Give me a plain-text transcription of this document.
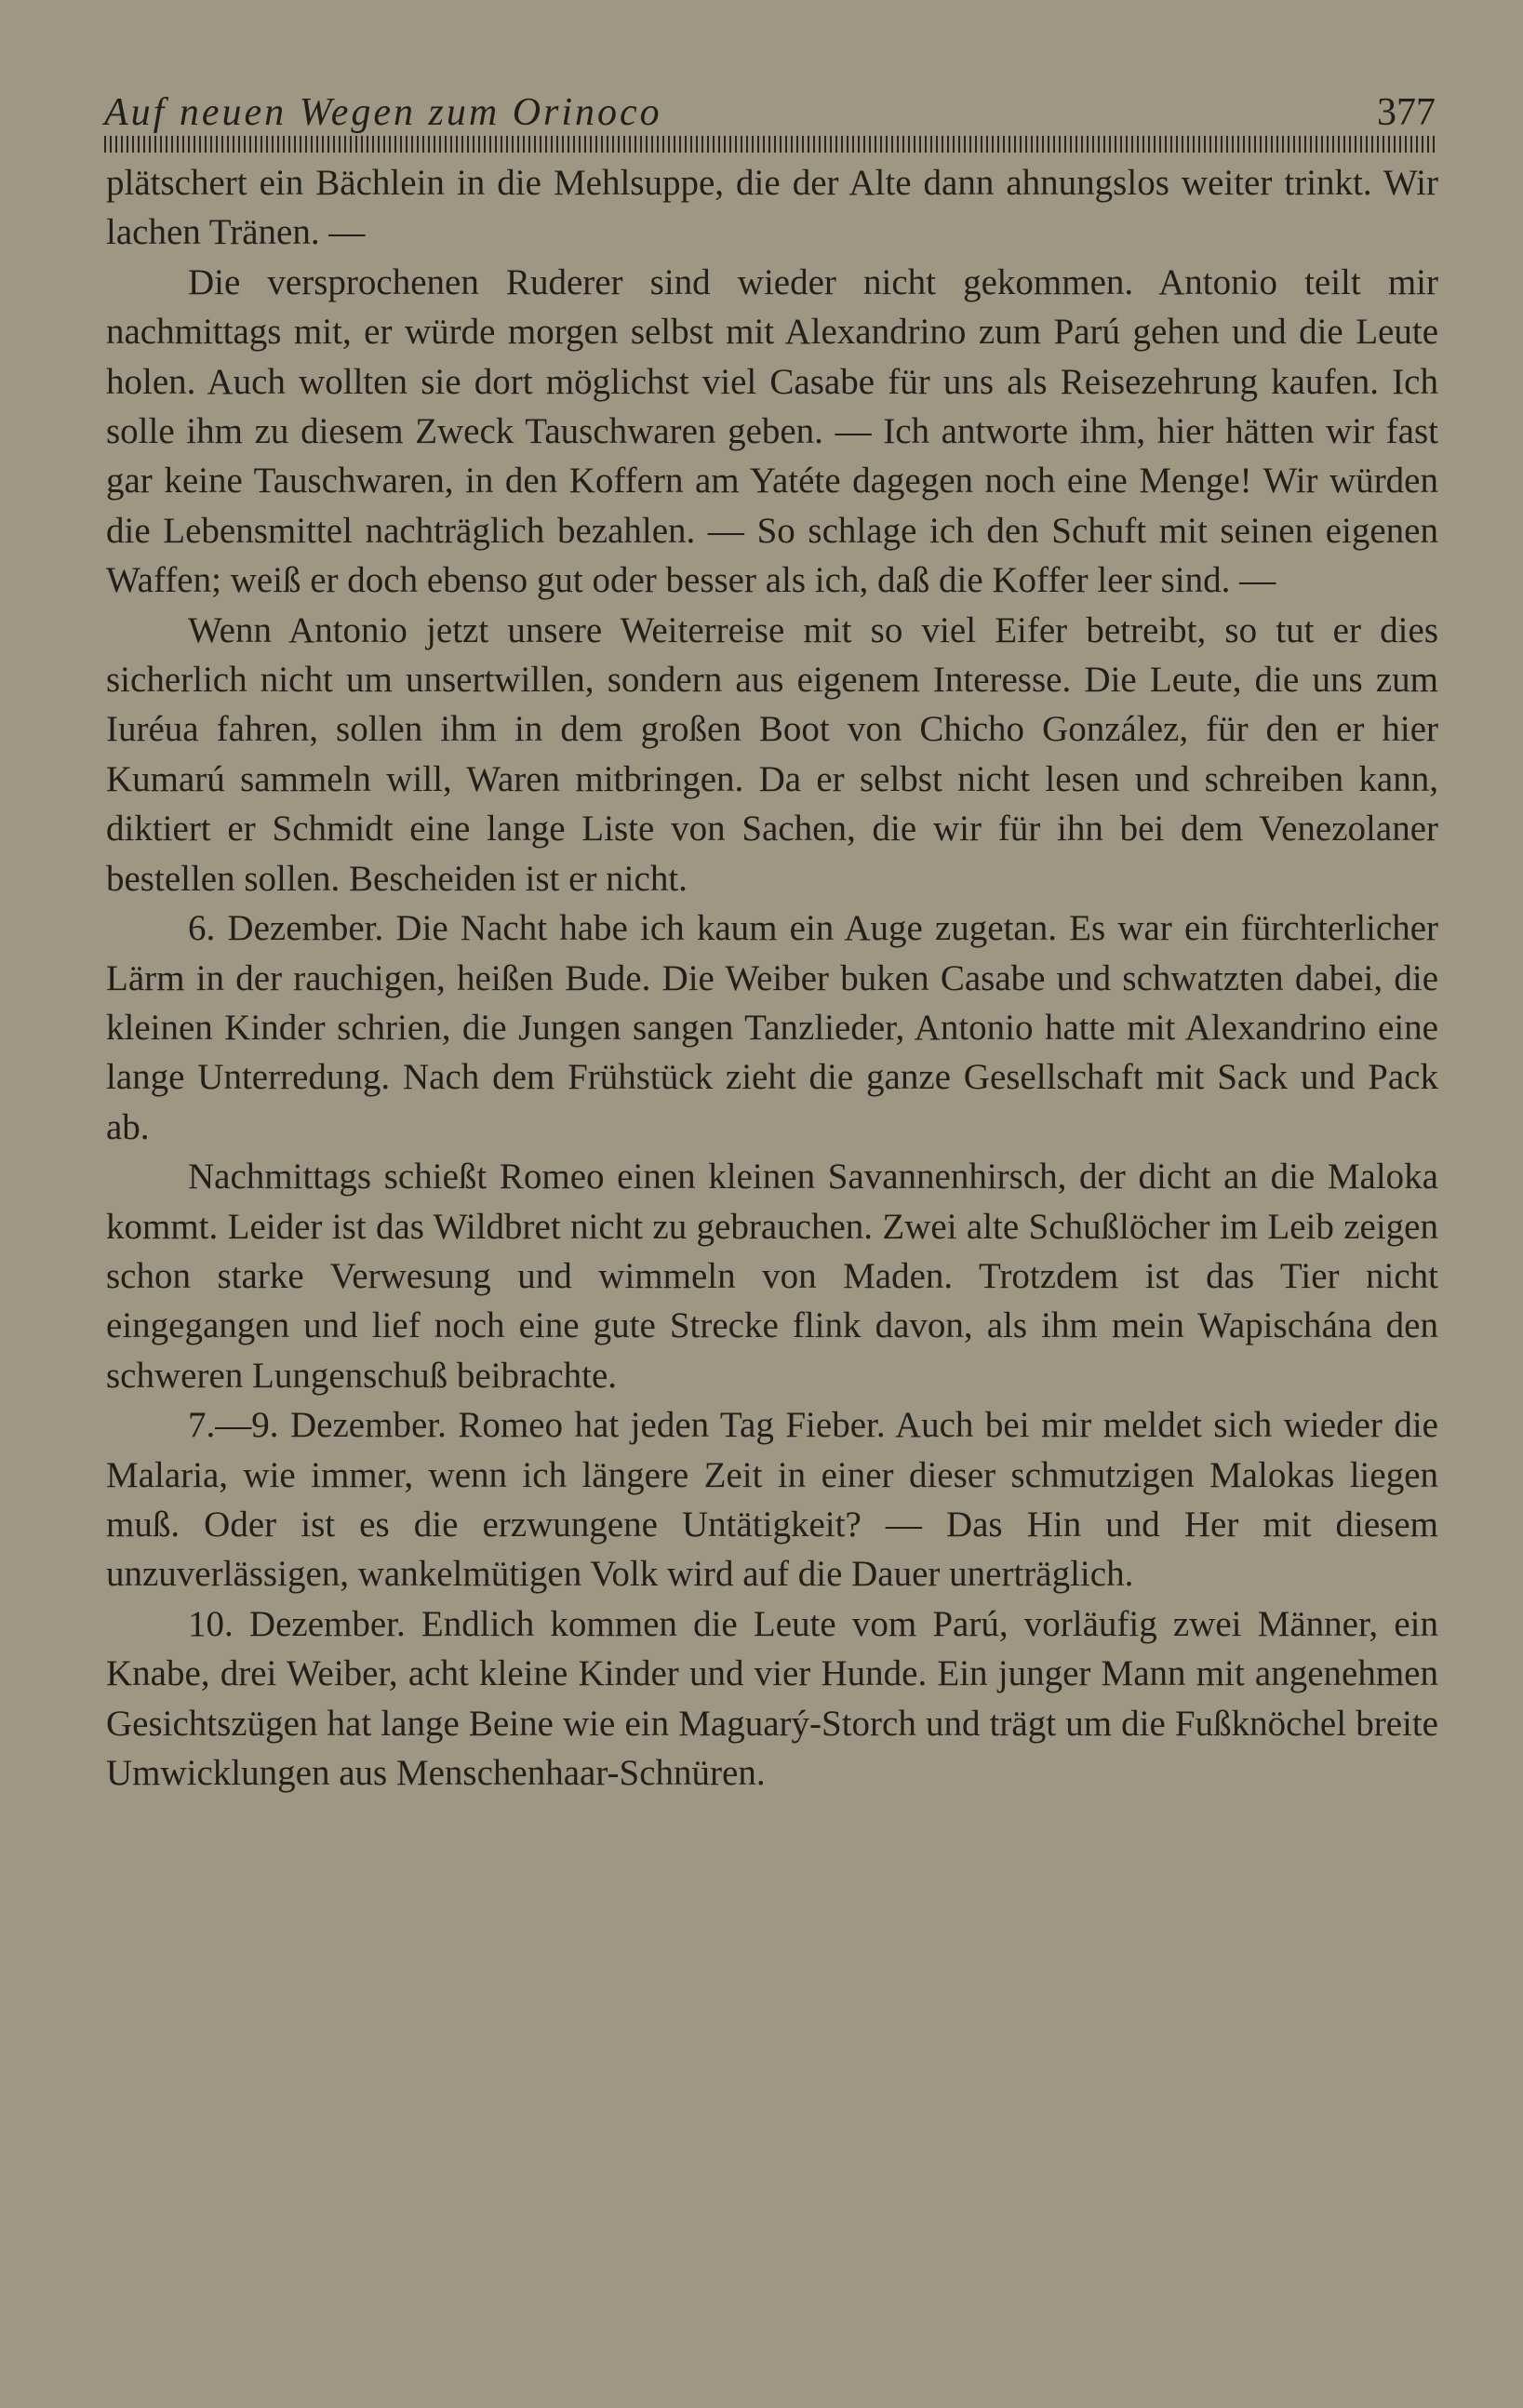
Auf neuen Wegen zum Orinoco	377

plätschert ein Bächlein in die Mehlsuppe, die der Alte dann ahnungslos weiter trinkt. Wir lachen Tränen. —

Die versprochenen Ruderer sind wieder nicht gekommen. Antonio teilt mir nachmittags mit, er würde morgen selbst mit Alexandrino zum Parú gehen und die Leute holen. Auch wollten sie dort möglichst viel Casabe für uns als Reisezehrung kaufen. Ich solle ihm zu diesem Zweck Tauschwaren geben. — Ich antworte ihm, hier hätten wir fast gar keine Tauschwaren, in den Koffern am Yatéte dagegen noch eine Menge! Wir würden die Lebensmittel nachträglich bezahlen. — So schlage ich den Schuft mit seinen eigenen Waffen; weiß er doch ebenso gut oder besser als ich, daß die Koffer leer sind. —

Wenn Antonio jetzt unsere Weiterreise mit so viel Eifer betreibt, so tut er dies sicherlich nicht um unsertwillen, sondern aus eigenem Interesse. Die Leute, die uns zum Iuréua fahren, sollen ihm in dem großen Boot von Chicho González, für den er hier Kumarú sammeln will, Waren mitbringen. Da er selbst nicht lesen und schreiben kann, diktiert er Schmidt eine lange Liste von Sachen, die wir für ihn bei dem Venezolaner bestellen sollen. Bescheiden ist er nicht.

6. Dezember. Die Nacht habe ich kaum ein Auge zugetan. Es war ein fürchterlicher Lärm in der rauchigen, heißen Bude. Die Weiber buken Casabe und schwatzten dabei, die kleinen Kinder schrien, die Jungen sangen Tanzlieder, Antonio hatte mit Alexandrino eine lange Unterredung. Nach dem Frühstück zieht die ganze Gesellschaft mit Sack und Pack ab.

Nachmittags schießt Romeo einen kleinen Savannenhirsch, der dicht an die Maloka kommt. Leider ist das Wildbret nicht zu gebrauchen. Zwei alte Schußlöcher im Leib zeigen schon starke Verwesung und wimmeln von Maden. Trotzdem ist das Tier nicht eingegangen und lief noch eine gute Strecke flink davon, als ihm mein Wapischána den schweren Lungenschuß beibrachte.

7.—9. Dezember. Romeo hat jeden Tag Fieber. Auch bei mir meldet sich wieder die Malaria, wie immer, wenn ich längere Zeit in einer dieser schmutzigen Malokas liegen muß. Oder ist es die erzwungene Untätigkeit? — Das Hin und Her mit diesem unzuverlässigen, wankelmütigen Volk wird auf die Dauer unerträglich.

10. Dezember. Endlich kommen die Leute vom Parú, vorläufig zwei Männer, ein Knabe, drei Weiber, acht kleine Kinder und vier Hunde. Ein junger Mann mit angenehmen Gesichtszügen hat lange Beine wie ein Maguarý-Storch und trägt um die Fußknöchel breite Umwicklungen aus Menschenhaar-Schnüren.
